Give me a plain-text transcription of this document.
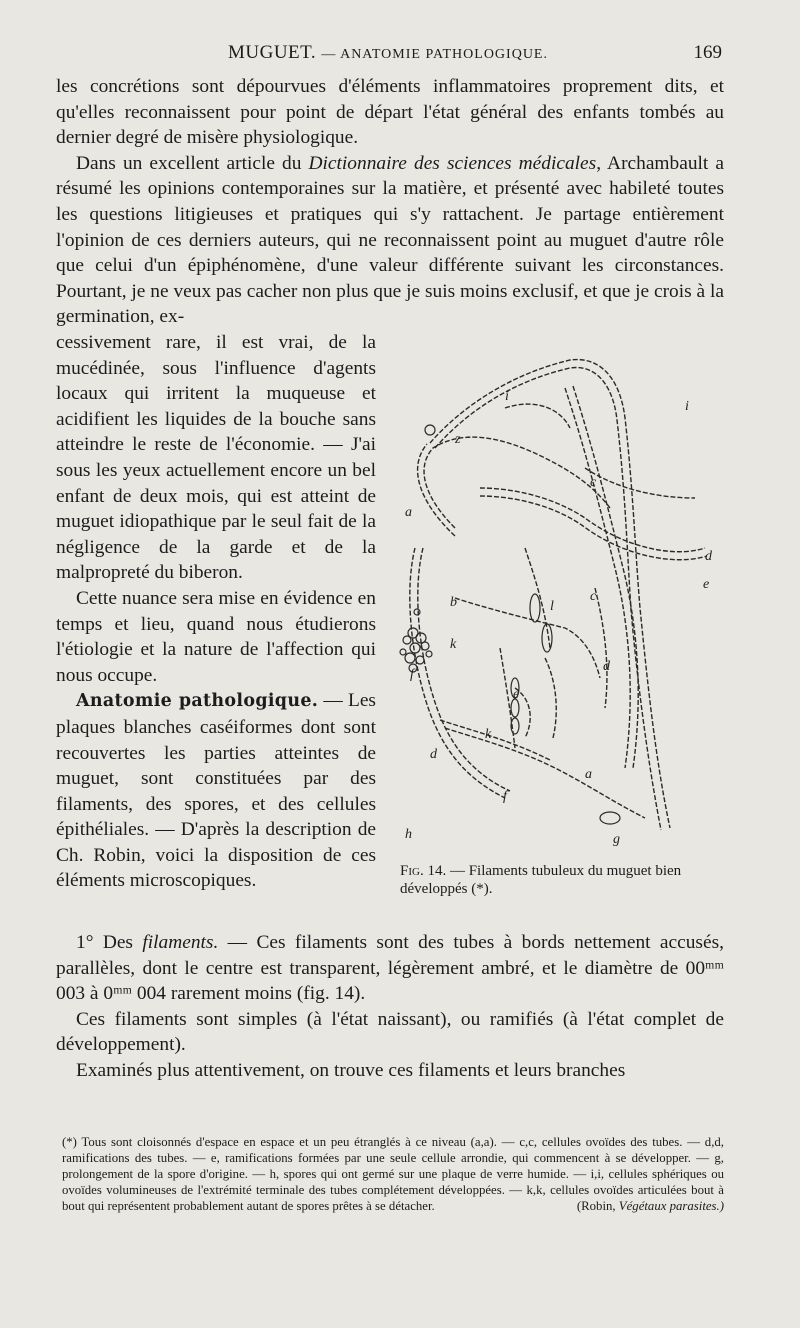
MUGUET. — ANATOMIE PATHOLOGIQUE.	169

les concrétions sont dépourvues d'éléments inflammatoires proprement dits, et qu'elles reconnaissent pour point de départ l'état général des enfants tombés au dernier degré de misère physiologique.

Dans un excellent article du Dictionnaire des sciences médicales, Archambault a résumé les opinions contemporaines sur la matière, et présenté avec habileté toutes les questions litigieuses et pratiques qui s'y rattachent. Je partage entièrement l'opinion de ces derniers auteurs, qui ne reconnaissent point au muguet d'autre rôle que celui d'un épiphénomène, d'une valeur différente suivant les circonstances. Pourtant, je ne veux pas cacher non plus que je suis moins exclusif, et que je crois à la germination, ex-

cessivement rare, il est vrai, de la mucédinée, sous l'influence d'agents locaux qui irritent la muqueuse et acidifient les liquides de la bouche sans atteindre le reste de l'économie. — J'ai sous les yeux actuellement encore un bel enfant de deux mois, qui est atteint de muguet idiopathique par le seul fait de la négligence de la garde et de la malpropreté du biberon.

Cette nuance sera mise en évidence en temps et lieu, quand nous étudierons l'étiologie et la nature de l'affection qui nous occupe.

Anatomie pathologique. — Les plaques blanches caséiformes dont sont recouvertes les parties atteintes de muguet, sont constituées par des filaments, des spores, et des cellules épithéliales. — D'après la description de Ch. Robin, voici la disposition de ces éléments microscopiques.

i
i
z
a
b
c
c
d
d
e
f
g
h
a
k
k
d
l
e
f
Fig. 14. — Filaments tubuleux du muguet bien développés (*).

1° Des filaments. — Ces filaments sont des tubes à bords nettement accusés, parallèles, dont le centre est transparent, légèrement ambré, et le diamètre de 00ᵐᵐ 003 à 0ᵐᵐ 004 rarement moins (fig. 14).

Ces filaments sont simples (à l'état naissant), ou ramifiés (à l'état complet de développement).

Examinés plus attentivement, on trouve ces filaments et leurs branches

(*) Tous sont cloisonnés d'espace en espace et un peu étranglés à ce niveau (a,a). — c,c, cellules ovoïdes des tubes. — d,d, ramifications des tubes. — e, ramifications formées par une seule cellule arrondie, qui commencent à se développer. — g, prolongement de la spore d'origine. — h, spores qui ont germé sur une plaque de verre humide. — i,i, cellules sphériques ou ovoïdes volumineuses de l'extrémité terminale des tubes complétement développées. — k,k, cellules ovoïdes articulées bout à bout qui représentent probablement autant de spores prêtes à se détacher.	(Robin, Végétaux parasites.)
